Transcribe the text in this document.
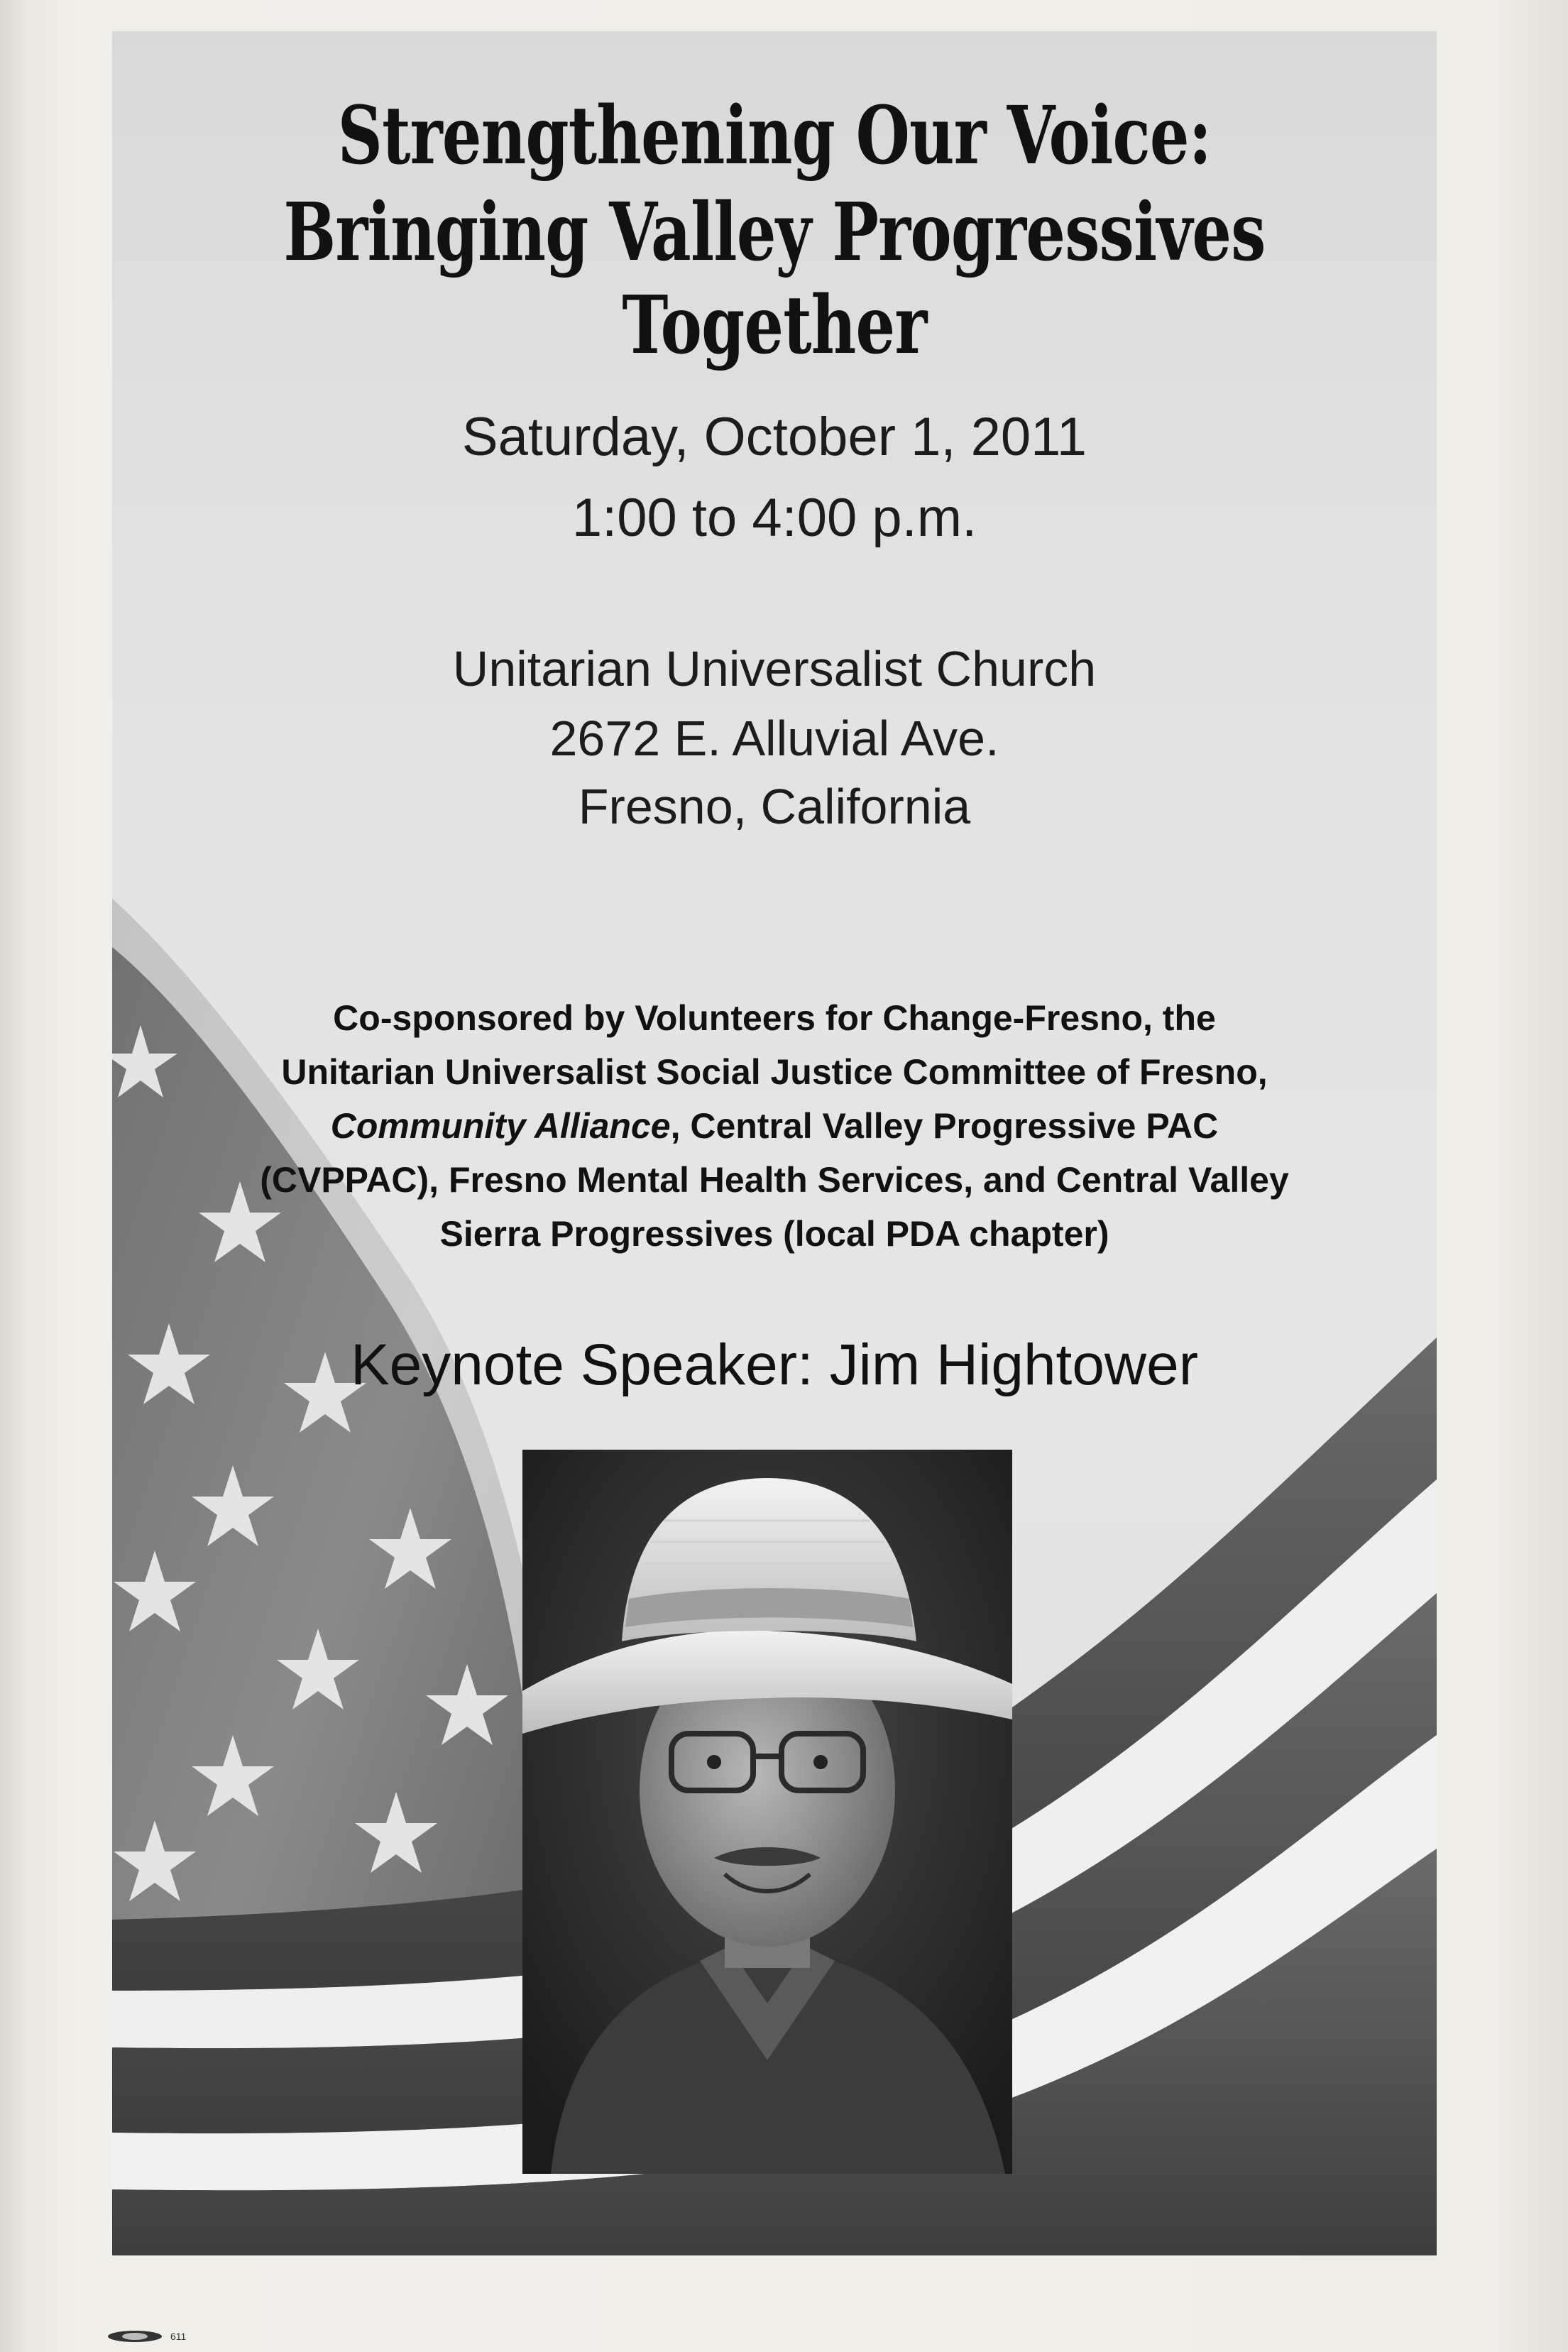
Strengthening Our Voice:
Bringing Valley Progressives Together
Saturday, October 1, 2011
1:00 to 4:00 p.m.
Unitarian Universalist Church
2672 E. Alluvial Ave.
Fresno, California
Co-sponsored by Volunteers for Change-Fresno, the
Unitarian Universalist Social Justice Committee of Fresno,
Community Alliance, Central Valley Progressive PAC
(CVPPAC), Fresno Mental Health Services, and Central Valley
Sierra Progressives (local PDA chapter)
Keynote Speaker: Jim Hightower
611
